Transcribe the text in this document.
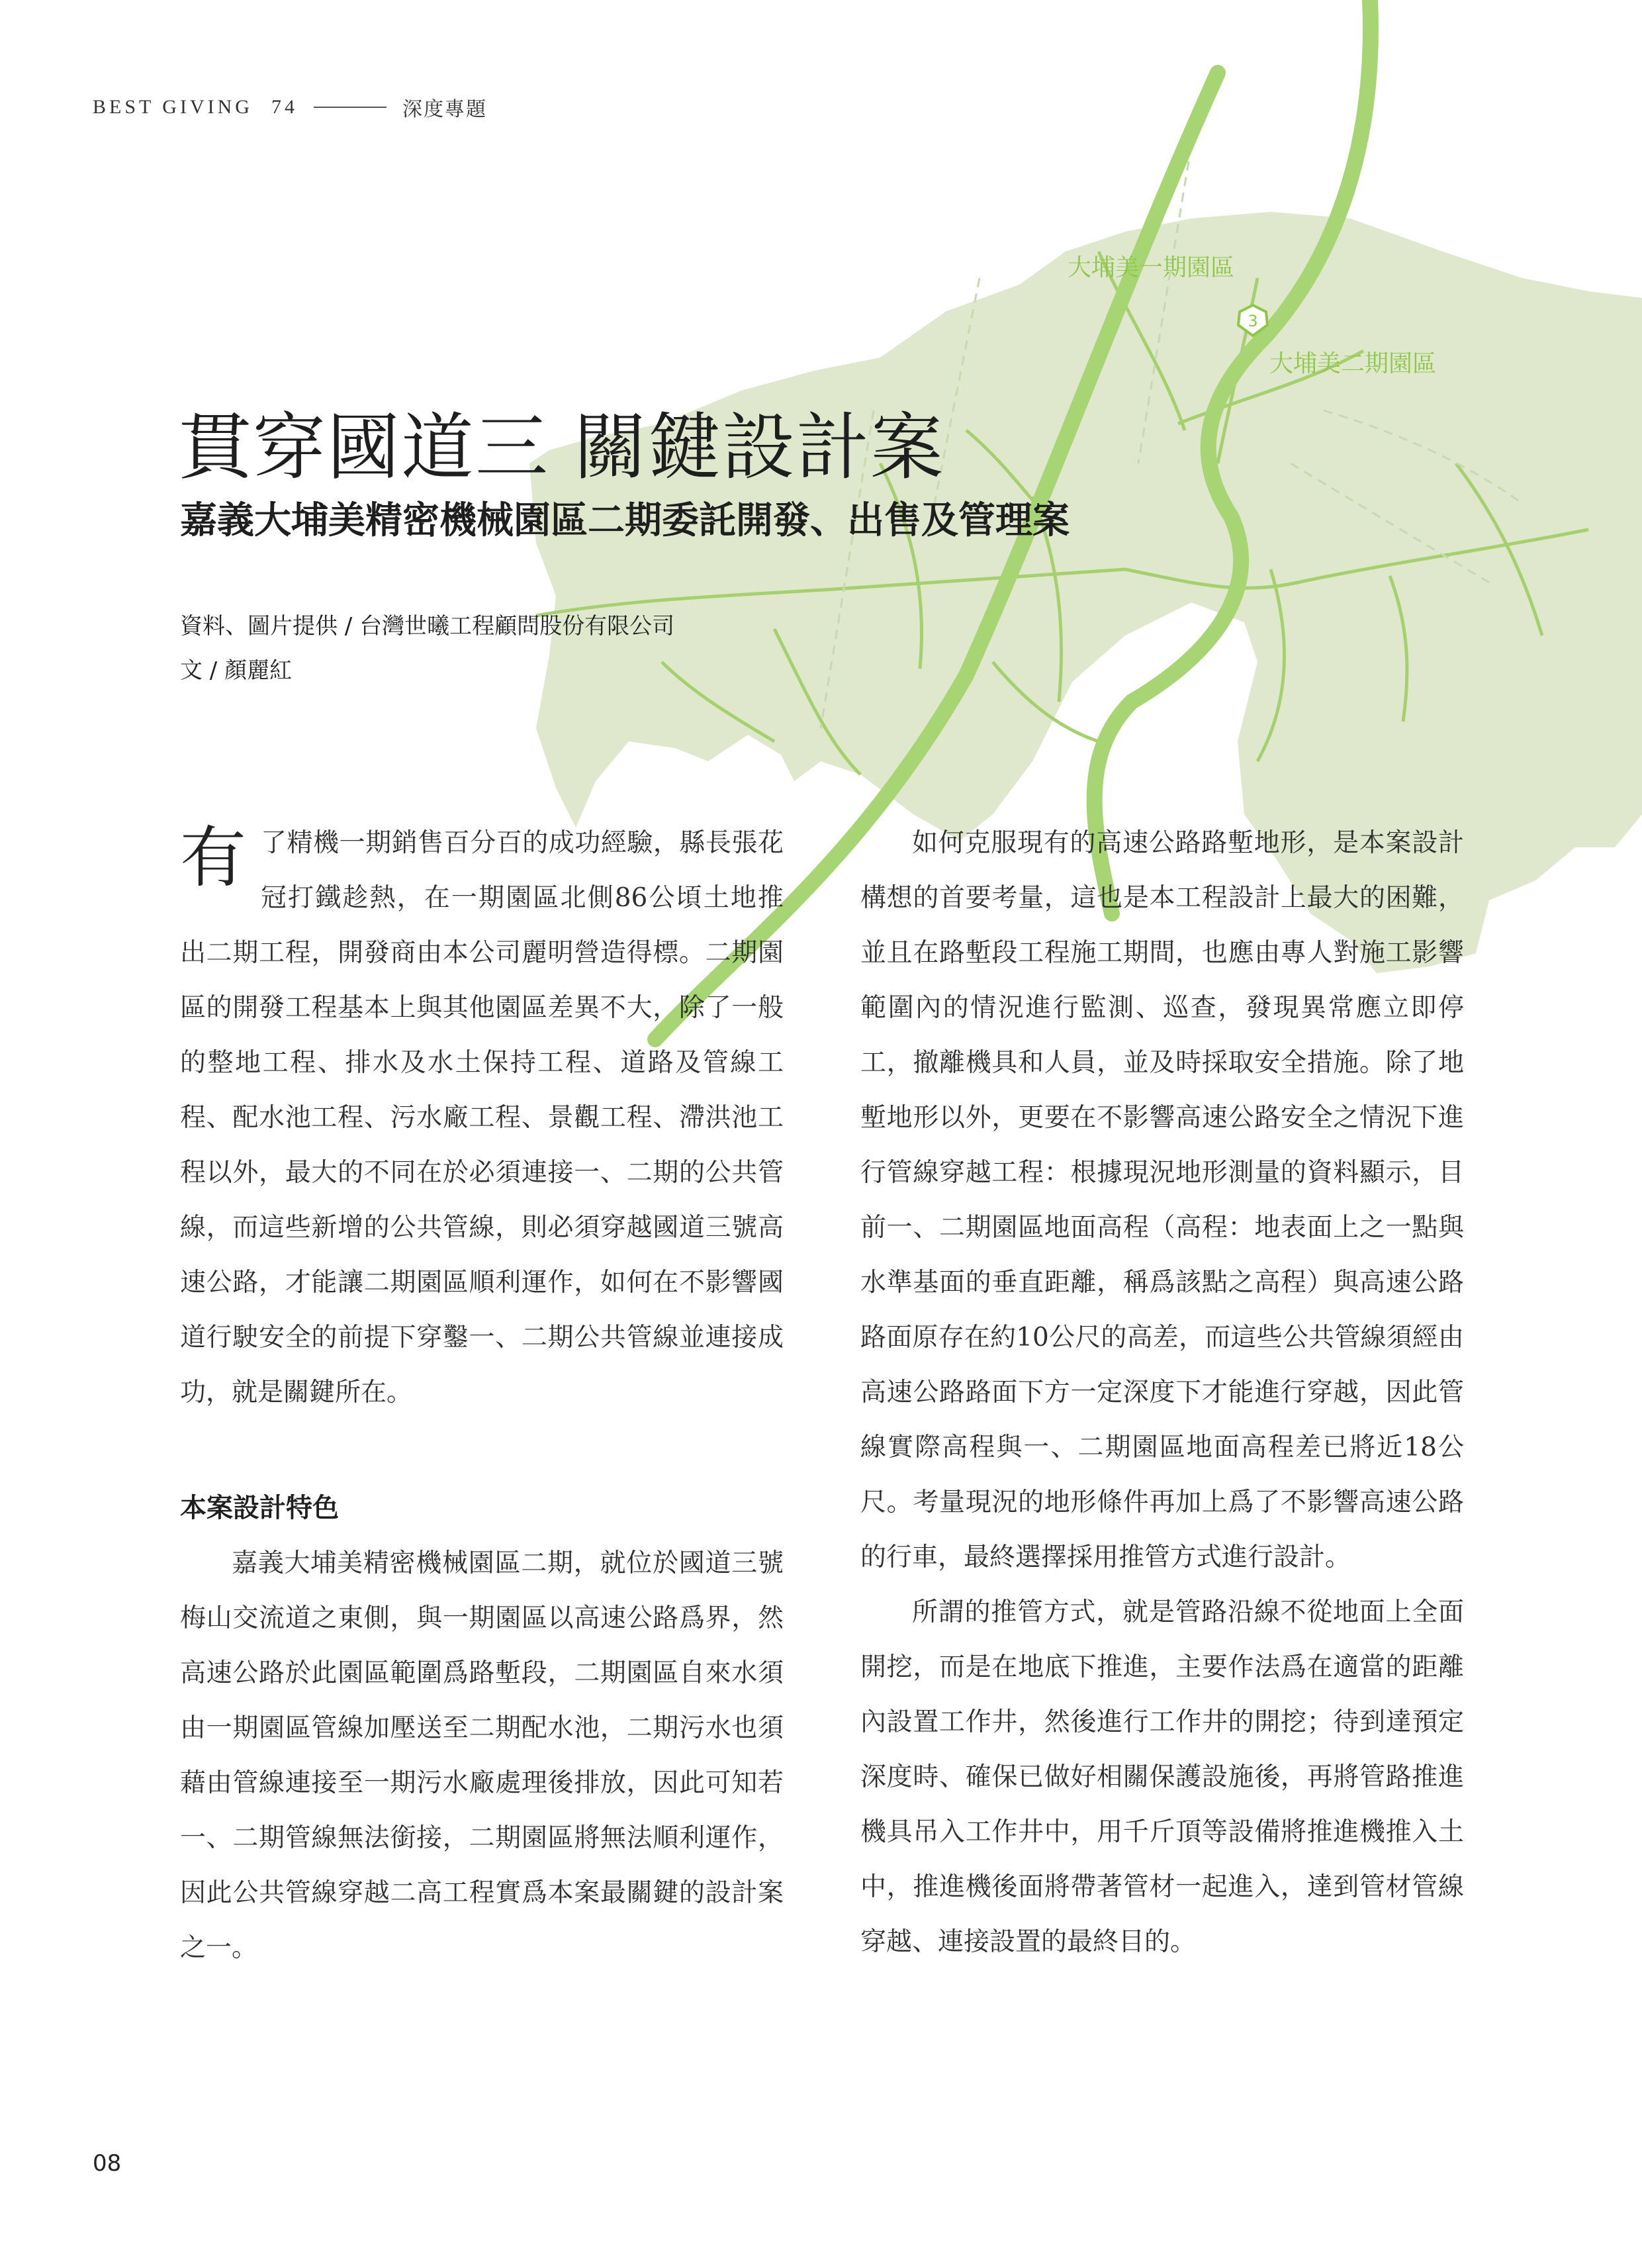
3
大埔美一期園區
大埔美二期園區
BEST GIVING 74	深度專題
貫穿國道三 關鍵設計案
嘉義大埔美精密機械園區二期委託開發、出售及管理案
資料、圖片提供 / 台灣世曦工程顧問股份有限公司
文 / 顏麗紅

有 了精機一期銷售百分百的成功經驗，縣長張花冠打鐵趁熱，在一期園區北側86公頃土地推出二期工程，開發商由本公司麗明營造得標。二期園區的開發工程基本上與其他園區差異不大，除了一般的整地工程、排水及水土保持工程、道路及管線工程、配水池工程、污水廠工程、景觀工程、滯洪池工程以外，最大的不同在於必須連接一、二期的公共管線，而這些新增的公共管線，則必須穿越國道三號高速公路，才能讓二期園區順利運作，如何在不影響國道行駛安全的前提下穿鑿一、二期公共管線並連接成功，就是關鍵所在。

本案設計特色

嘉義大埔美精密機械園區二期，就位於國道三號梅山交流道之東側，與一期園區以高速公路爲界，然高速公路於此園區範圍爲路塹段，二期園區自來水須由一期園區管線加壓送至二期配水池，二期污水也須藉由管線連接至一期污水廠處理後排放，因此可知若一、二期管線無法銜接，二期園區將無法順利運作，因此公共管線穿越二高工程實爲本案最關鍵的設計案之一。

如何克服現有的高速公路路塹地形，是本案設計構想的首要考量，這也是本工程設計上最大的困難，並且在路塹段工程施工期間，也應由專人對施工影響範圍內的情況進行監測、巡查，發現異常應立即停工，撤離機具和人員，並及時採取安全措施。除了地塹地形以外，更要在不影響高速公路安全之情況下進行管線穿越工程：根據現況地形測量的資料顯示，目前一、二期園區地面高程（高程：地表面上之一點與水準基面的垂直距離，稱爲該點之高程）與高速公路路面原存在約10公尺的高差，而這些公共管線須經由高速公路路面下方一定深度下才能進行穿越，因此管線實際高程與一、二期園區地面高程差已將近18公尺。考量現況的地形條件再加上爲了不影響高速公路的行車，最終選擇採用推管方式進行設計。

所謂的推管方式，就是管路沿線不從地面上全面開挖，而是在地底下推進，主要作法爲在適當的距離內設置工作井，然後進行工作井的開挖；待到達預定深度時、確保已做好相關保護設施後，再將管路推進機具吊入工作井中，用千斤頂等設備將推進機推入土中，推進機後面將帶著管材一起進入，達到管材管線穿越、連接設置的最終目的。

08
